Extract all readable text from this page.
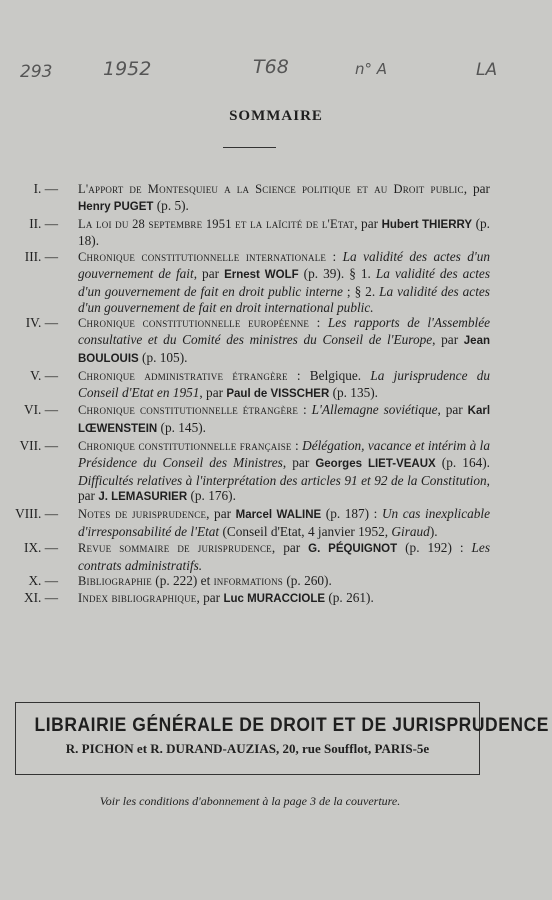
293	1952	T68	n° A	LA
SOMMAIRE
I. —	L'apport de Montesquieu a la Science politique et au Droit public, par Henry PUGET (p. 5).
II. —	La loi du 28 septembre 1951 et la laïcité de l'Etat, par Hubert THIERRY (p. 18).
III. —	Chronique constitutionnelle internationale : La validité des actes d'un gouvernement de fait, par Ernest WOLF (p. 39). § 1. La validité des actes d'un gouvernement de fait en droit public interne ; § 2. La validité des actes d'un gouvernement de fait en droit international public.
IV. —	Chronique constitutionnelle européenne : Les rapports de l'Assemblée consultative et du Comité des ministres du Conseil de l'Europe, par Jean BOULOUIS (p. 105).
V. —	Chronique administrative étrangère : Belgique. La jurisprudence du Conseil d'Etat en 1951, par Paul de VISSCHER (p. 135).
VI. —	Chronique constitutionnelle étrangère : L'Allemagne soviétique, par Karl LŒWENSTEIN (p. 145).
VII. —	Chronique constitutionnelle française : Délégation, vacance et intérim à la Présidence du Conseil des Ministres, par Georges LIET-VEAUX (p. 164). Difficultés relatives à l'interprétation des articles 91 et 92 de la Constitution, par J. LEMASURIER (p. 176).
VIII. —	Notes de jurisprudence, par Marcel WALINE (p. 187) : Un cas inexplicable d'irresponsabilité de l'Etat (Conseil d'Etat, 4 janvier 1952, Giraud).
IX. —	Revue sommaire de jurisprudence, par G. PÉQUIGNOT (p. 192) : Les contrats administratifs.
X. —	Bibliographie (p. 222) et informations (p. 260).
XI. —	Index bibliographique, par Luc MURACCIOLE (p. 261).
LIBRAIRIE GÉNÉRALE DE DROIT ET DE JURISPRUDENCE
R. PICHON et R. DURAND-AUZIAS, 20, rue Soufflot, PARIS-5e
Voir les conditions d'abonnement à la page 3 de la couverture.
